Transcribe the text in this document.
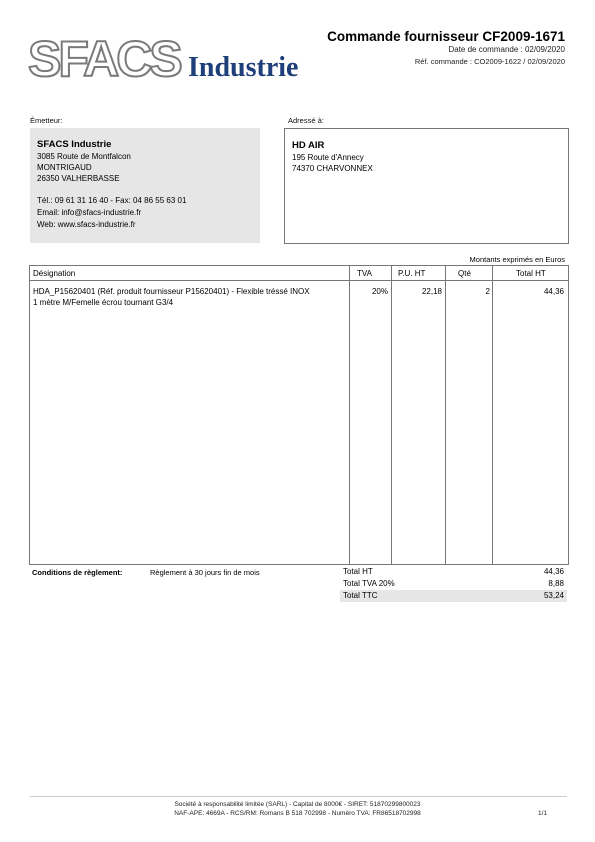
SFACS Industrie
Commande fournisseur CF2009-1671
Date de commande : 02/09/2020
Réf. commande : CO2009-1622 / 02/09/2020
Émetteur:
SFACS Industrie
3085 Route de Montfalcon
MONTRIGAUD
26350 VALHERBASSE
Tél.: 09 61 31 16 40 - Fax: 04 86 55 63 01
Email: info@sfacs-industrie.fr
Web: www.sfacs-industrie.fr
Adressé à:
HD AIR
195 Route d'Annecy
74370 CHARVONNEX
Montants exprimés en Euros
Désignation	TVA	P.U. HT	Qté	Total HT
HDA_P15620401 (Réf. produit fournisseur P15620401) - Flexible tréssé INOX
1 mètre M/Femelle écrou tournant G3/4
20%	22,18	2	44,36
Conditions de règlement:	Règlement à 30 jours fin de mois	Total HT	44,36
Total TVA 20%	8,88
Total TTC	53,24
Société à responsabilité limitée (SARL) - Capital de 8000€ - SIRET: 51870299800023
NAF-APE: 4669A - RCS/RM: Romans B 518 702998 - Numéro TVA: FR86518702998	1/1
